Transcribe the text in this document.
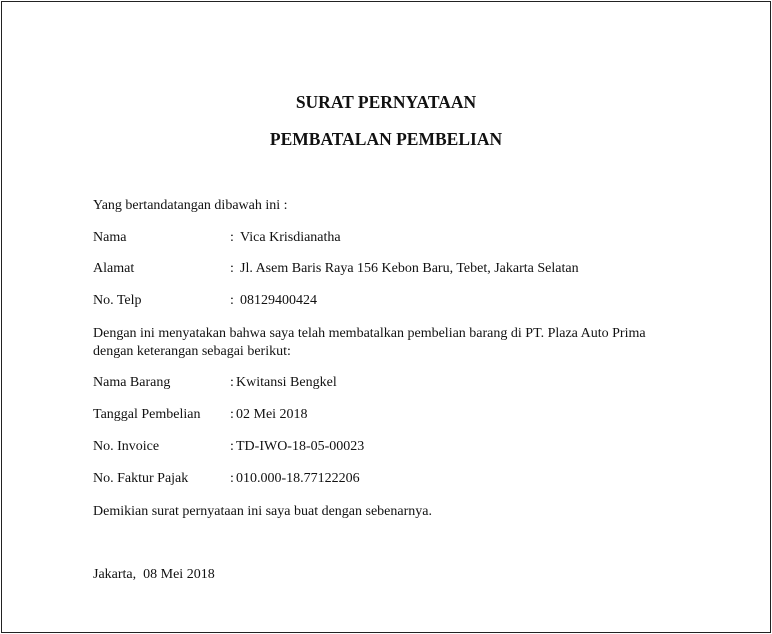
SURAT PERNYATAAN
PEMBATALAN PEMBELIAN
Yang bertandatangan dibawah ini :
Nama	: Vica Krisdianatha
Alamat	: Jl. Asem Baris Raya 156 Kebon Baru, Tebet, Jakarta Selatan
No. Telp	: 08129400424
Dengan ini menyatakan bahwa saya telah membatalkan pembelian barang di PT. Plaza Auto Prima
dengan keterangan sebagai berikut:
Nama Barang	: Kwitansi Bengkel
Tanggal Pembelian : 02 Mei 2018
No. Invoice	: TD-IWO-18-05-00023
No. Faktur Pajak	: 010.000-18.77122206
Demikian surat pernyataan ini saya buat dengan sebenarnya.
Jakarta,  08 Mei 2018
